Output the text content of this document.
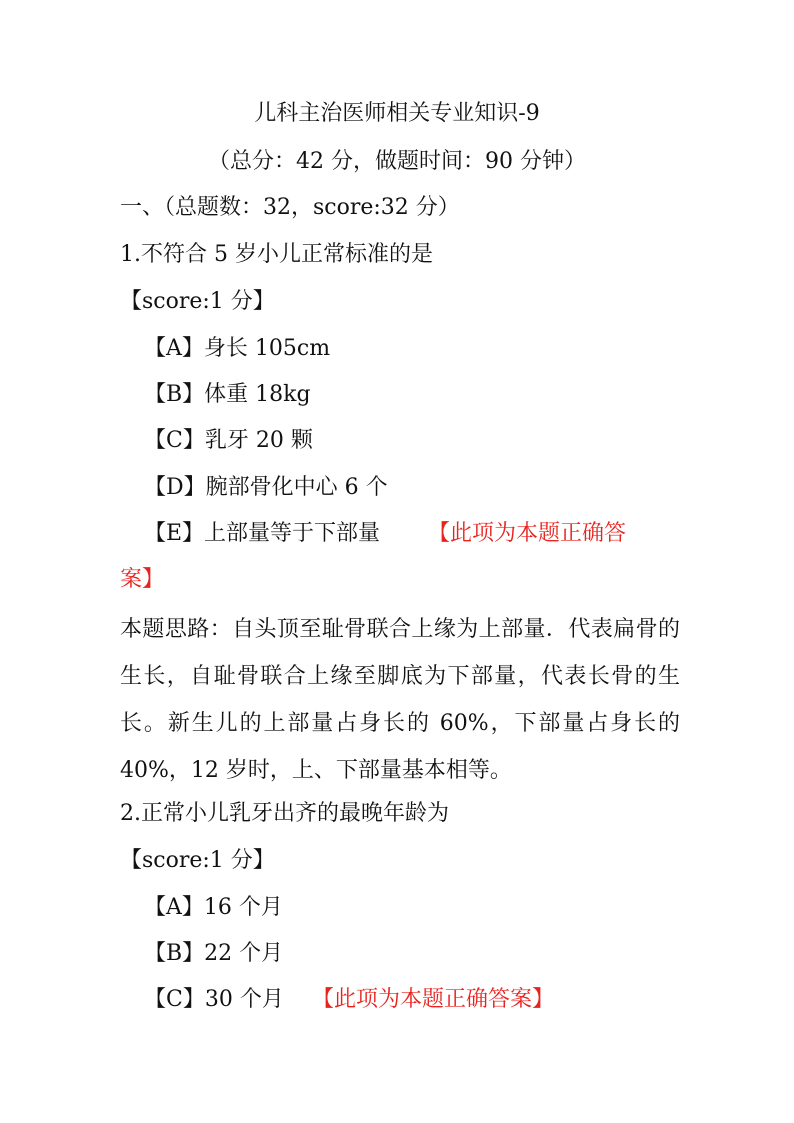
儿科主治医师相关专业知识-9
（总分：42 分，做题时间：90 分钟）
一、（总题数：32，score:32 分）
1.不符合 5 岁小儿正常标准的是
【score:1 分】
【A】身长 105cm
【B】体重 18kg
【C】乳牙 20 颗
【D】腕部骨化中心 6 个
【E】上部量等于下部量 【此项为本题正确答
案】
本题思路：自头顶至耻骨联合上缘为上部量．代表扁骨的生长，自耻骨联合上缘至脚底为下部量，代表长骨的生长。新生儿的上部量占身长的 60%，下部量占身长的 40%，12 岁时，上、下部量基本相等。
2.正常小儿乳牙出齐的最晚年龄为
【score:1 分】
【A】16 个月
【B】22 个月
【C】30 个月 【此项为本题正确答案】
